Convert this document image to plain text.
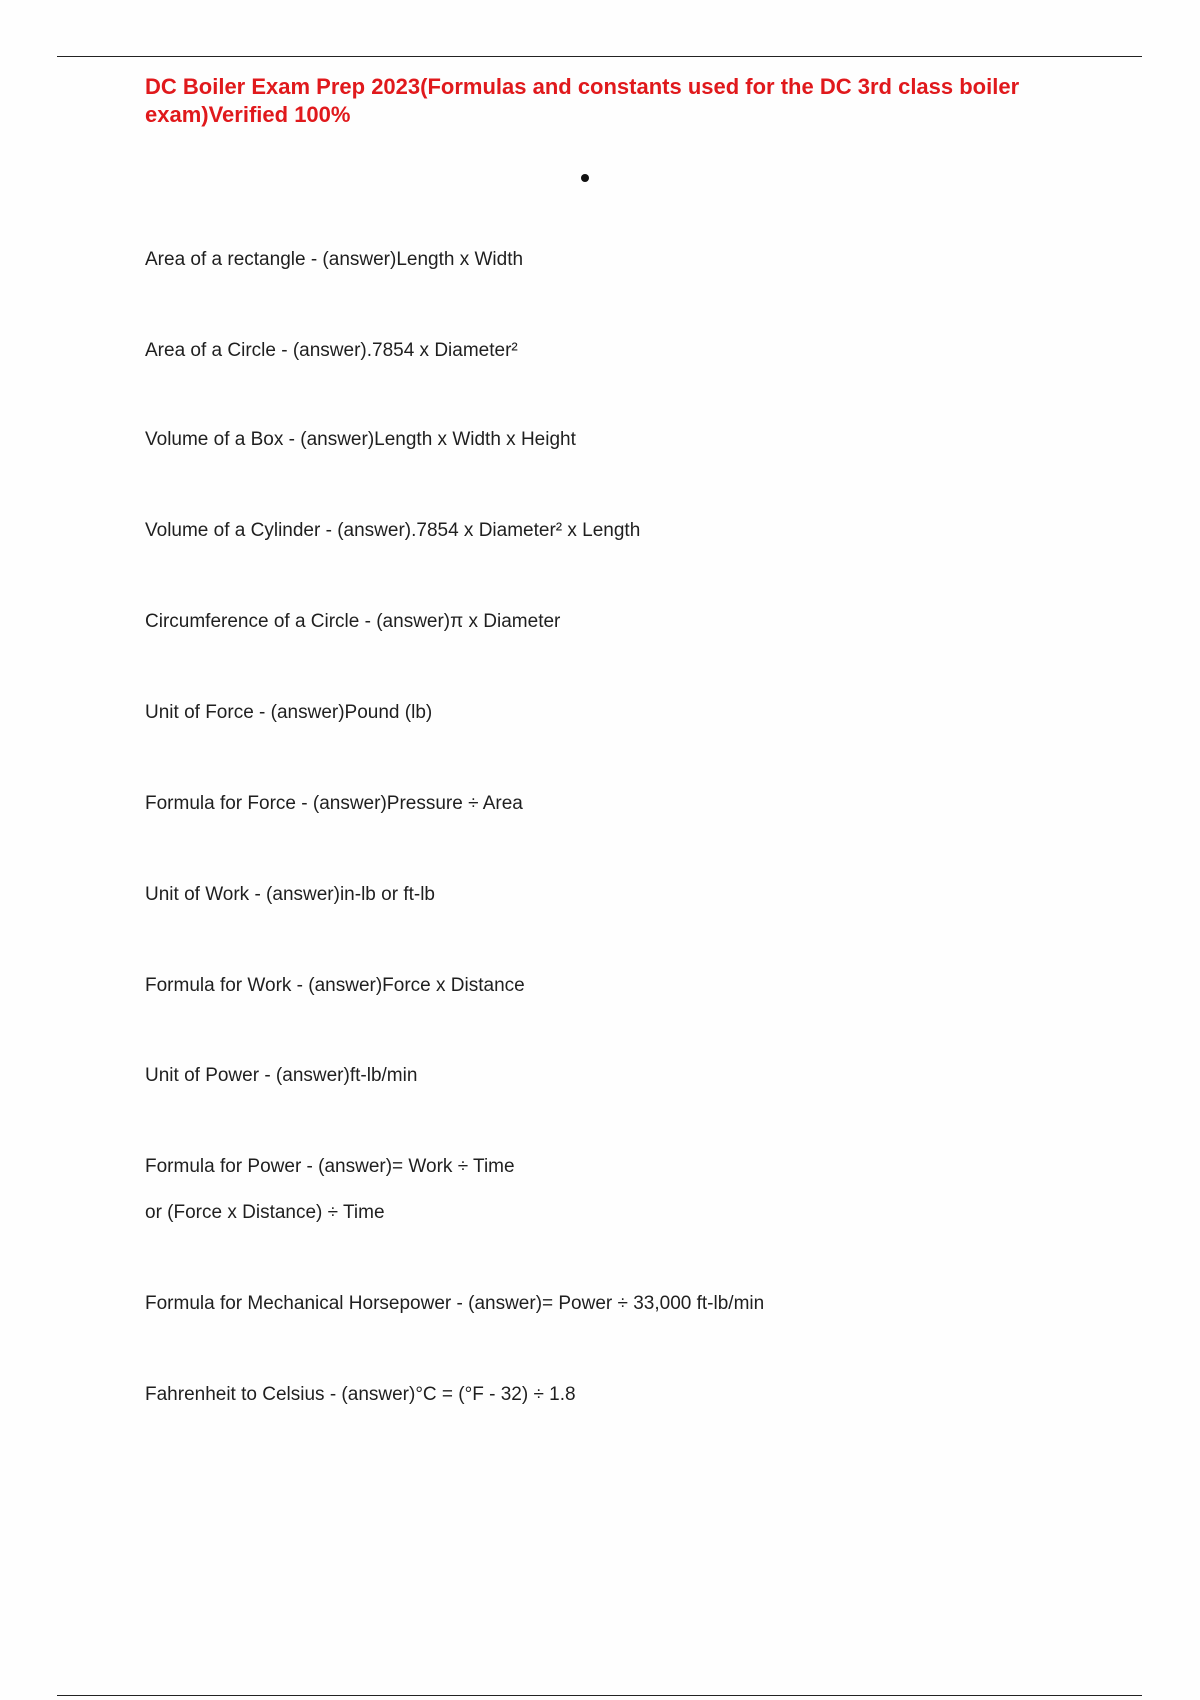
DC Boiler Exam Prep 2023(Formulas and constants used for the DC 3rd class boiler exam)Verified 100%
Area of a rectangle - (answer)Length x Width
Area of a Circle - (answer).7854 x Diameter²
Volume of a Box - (answer)Length x Width x Height
Volume of a Cylinder - (answer).7854 x Diameter² x Length
Circumference of a Circle - (answer)π x Diameter
Unit of Force - (answer)Pound (lb)
Formula for Force - (answer)Pressure ÷ Area
Unit of Work - (answer)in-lb or ft-lb
Formula for Work - (answer)Force x Distance
Unit of Power - (answer)ft-lb/min
Formula for Power - (answer)= Work ÷ Time
or (Force x Distance) ÷ Time
Formula for Mechanical Horsepower - (answer)= Power ÷ 33,000 ft-lb/min
Fahrenheit to Celsius - (answer)°C = (°F - 32) ÷ 1.8
